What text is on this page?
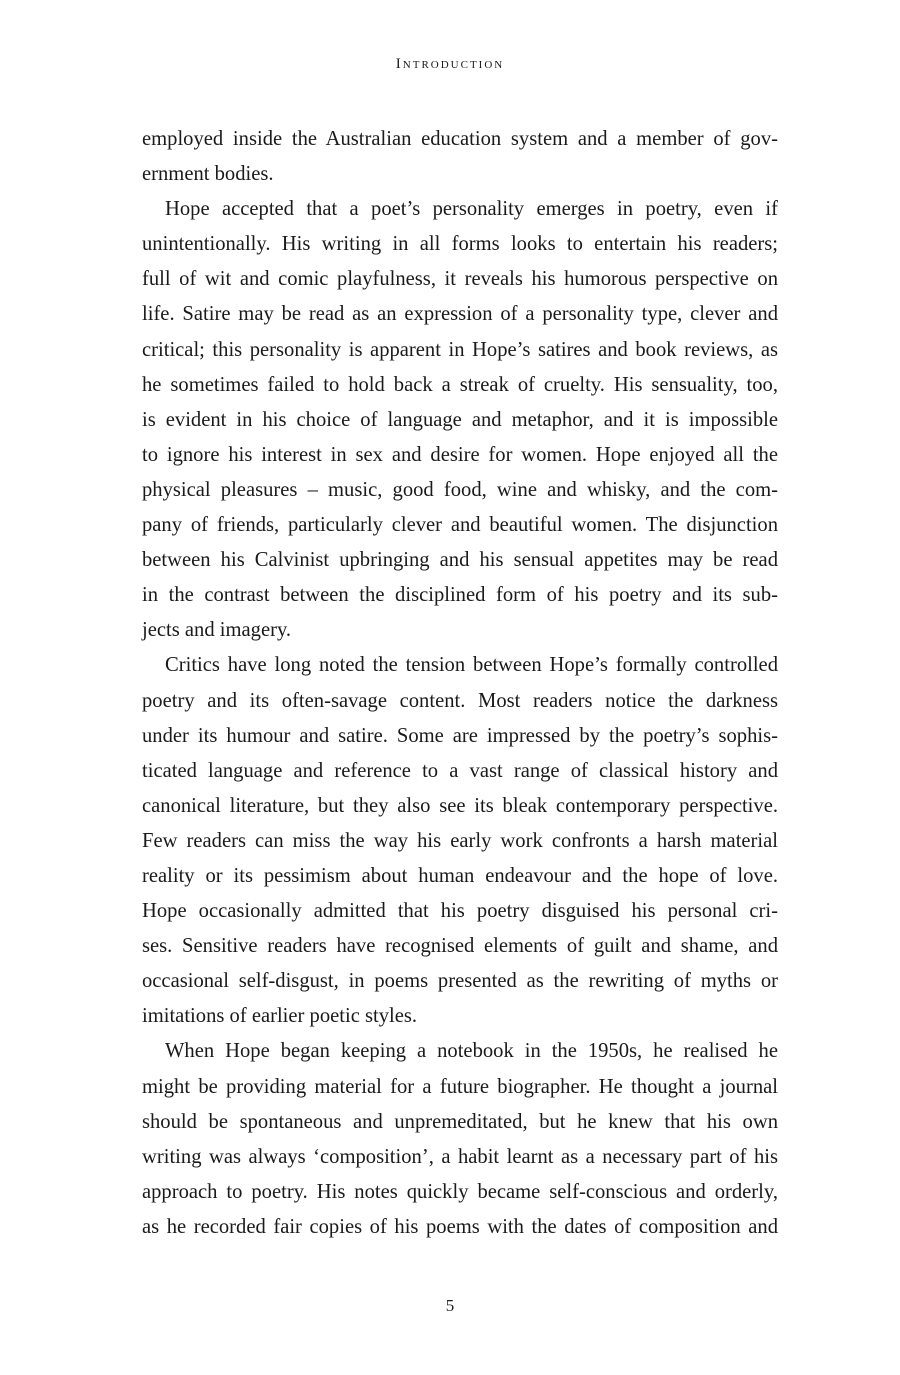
Introduction
employed inside the Australian education system and a member of gov-
ernment bodies.
Hope accepted that a poet’s personality emerges in poetry, even if
unintentionally. His writing in all forms looks to entertain his readers;
full of wit and comic playfulness, it reveals his humorous perspective on
life. Satire may be read as an expression of a personality type, clever and
critical; this personality is apparent in Hope’s satires and book reviews, as
he sometimes failed to hold back a streak of cruelty. His sensuality, too,
is evident in his choice of language and metaphor, and it is impossible
to ignore his interest in sex and desire for women. Hope enjoyed all the
physical pleasures – music, good food, wine and whisky, and the com-
pany of friends, particularly clever and beautiful women. The disjunction
between his Calvinist upbringing and his sensual appetites may be read
in the contrast between the disciplined form of his poetry and its sub-
jects and imagery.
Critics have long noted the tension between Hope’s formally controlled
poetry and its often-savage content. Most readers notice the darkness
under its humour and satire. Some are impressed by the poetry’s sophis-
ticated language and reference to a vast range of classical history and
canonical literature, but they also see its bleak contemporary perspective.
Few readers can miss the way his early work confronts a harsh material
reality or its pessimism about human endeavour and the hope of love.
Hope occasionally admitted that his poetry disguised his personal cri-
ses. Sensitive readers have recognised elements of guilt and shame, and
occasional self-disgust, in poems presented as the rewriting of myths or
imitations of earlier poetic styles.
When Hope began keeping a notebook in the 1950s, he realised he
might be providing material for a future biographer. He thought a journal
should be spontaneous and unpremeditated, but he knew that his own
writing was always ‘composition’, a habit learnt as a necessary part of his
approach to poetry. His notes quickly became self-conscious and orderly,
as he recorded fair copies of his poems with the dates of composition and
5
